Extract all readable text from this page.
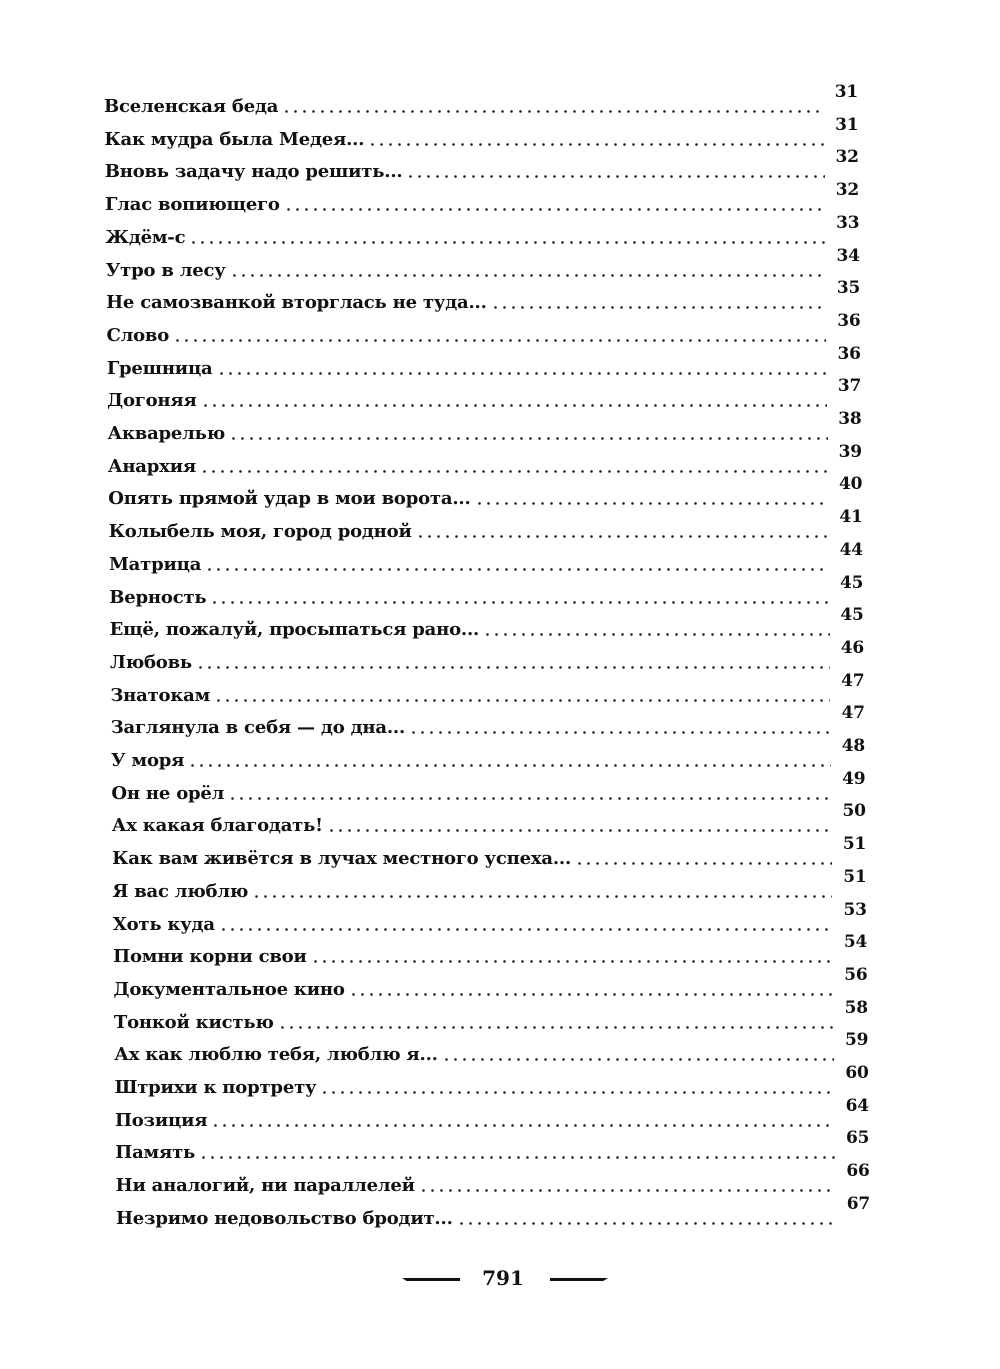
Вселенская беда
31
Как мудра была Медея...
31
Вновь задачу надо решить...
32
Глас вопиющего
32
Ждём-с
33
Утро в лесу
34
Не самозванкой вторглась не туда...
35
Слово
36
Грешница
36
Догоняя
37
Акварелью
38
Анархия
39
Опять прямой удар в мои ворота...
40
Колыбель моя, город родной
41
Матрица
44
Верность
45
Ещё, пожалуй, просыпаться рано...
45
Любовь
46
Знатокам
47
Заглянула в себя — до дна...
47
У моря
48
Он не орёл
49
Ах какая благодать!
50
Как вам живётся в лучах местного успеха...
51
Я вас люблю
51
Хоть куда
53
Помни корни свои
54
Документальное кино
56
Тонкой кистью
58
Ах как люблю тебя, люблю я...
59
Штрихи к портрету
60
Позиция
64
Память
65
Ни аналогий, ни параллелей
66
Незримо недовольство бродит...
67
791
